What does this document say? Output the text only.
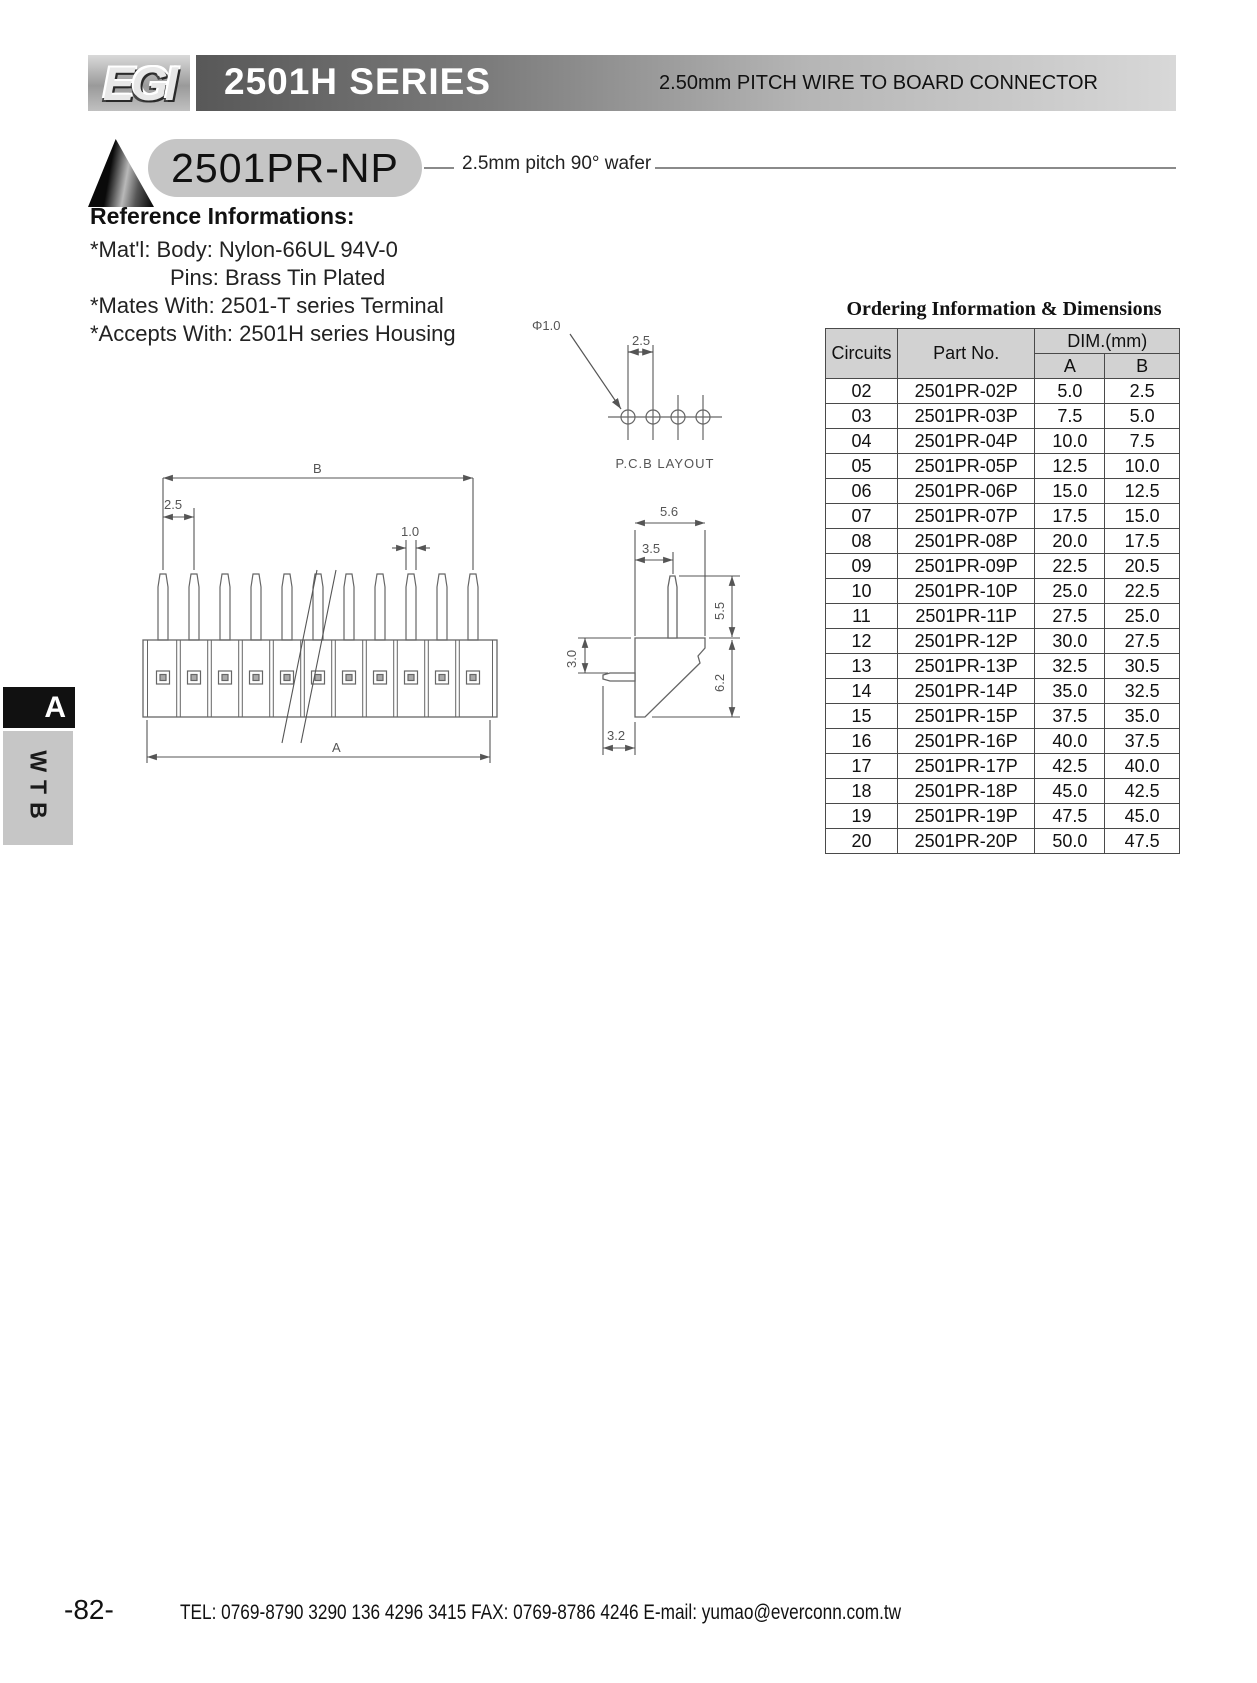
EGI 2501H SERIES	2.50mm PITCH WIRE TO BOARD CONNECTOR
2501PR-NP	2.5mm pitch 90° wafer
Reference Informations:
*Mat'l: Body: Nylon-66UL 94V-0
Pins: Brass Tin Plated
*Mates With: 2501-T series Terminal
*Accepts With: 2501H series Housing	2.5
Φ1.0
P.C.B LAYOUT
B
2.5
1.0
A
5.6
3.5
5.5
6.2
3.0
3.2
Ordering Information & Dimensions
Circuits	Part No.	DIM.(mm)	
		A	B
02	2501PR-02P	5.0	2.5
03	2501PR-03P	7.5	5.0
04	2501PR-04P	10.0	7.5
05	2501PR-05P	12.5	10.0
06	2501PR-06P	15.0	12.5
07	2501PR-07P	17.5	15.0
08	2501PR-08P	20.0	17.5
09	2501PR-09P	22.5	20.5
10	2501PR-10P	25.0	22.5
11	2501PR-11P	27.5	25.0
12	2501PR-12P	30.0	27.5
13	2501PR-13P	32.5	30.5
14	2501PR-14P	35.0	32.5
15	2501PR-15P	37.5	35.0
16	2501PR-16P	40.0	37.5
17	2501PR-17P	42.5	40.0
18	2501PR-18P	45.0	42.5
19	2501PR-19P	47.5	45.0
20	2501PR-20P	50.0	47.5
A
WTB
-82-	TEL: 0769-8790 3290 136 4296 3415 FAX: 0769-8786 4246 E-mail: yumao@everconn.com.tw
